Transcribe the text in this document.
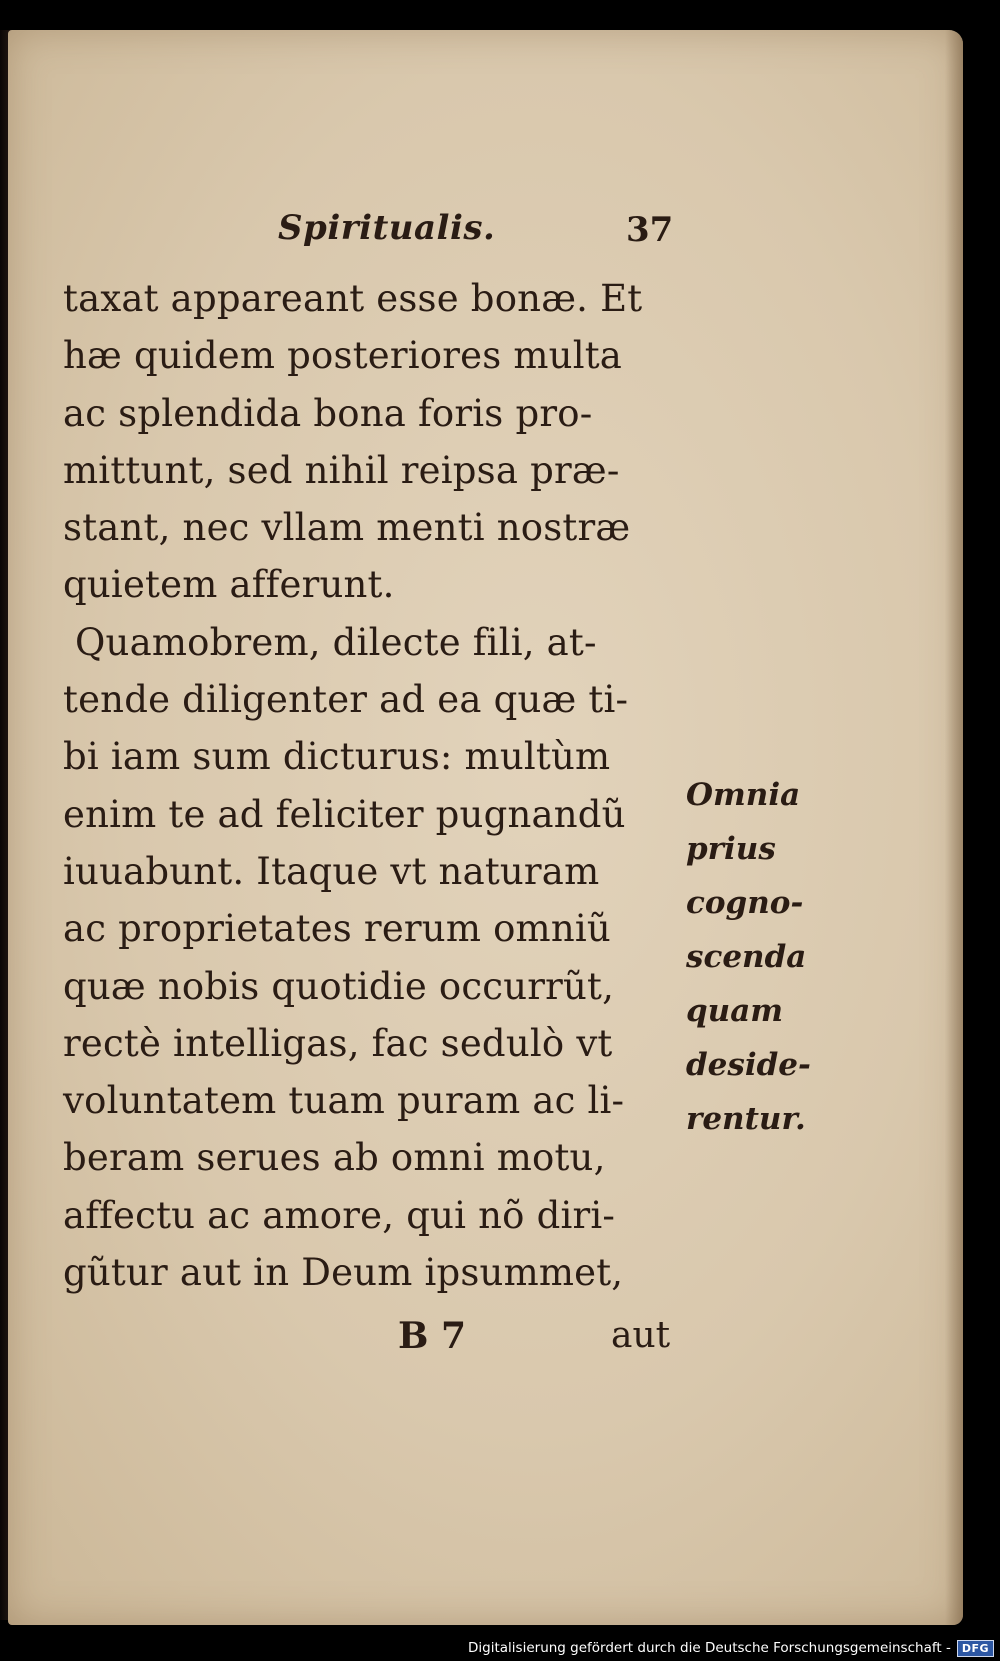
Spiritualis.	37
taxat appareant esse bonæ. Et
hæ quidem posteriores multa
ac splendida bona foris pro-
mittunt, sed nihil reipsa præ-
stant, nec vllam menti nostræ
quietem afferunt.
Quamobrem, dilecte fili, at-
tende diligenter ad ea quæ ti-
bi iam sum dicturus: multùm
enim te ad feliciter pugnandũ
iuuabunt. Itaque vt naturam
ac proprietates rerum omniũ
quæ nobis quotidie occurrũt,
rectè intelligas, fac sedulò vt
voluntatem tuam puram ac li-
beram serues ab omni motu,
affectu ac amore, qui nõ diri-
gũtur aut in Deum ipsummet,
Omnia
prius
cogno-
scenda
quam
deside-
rentur.
B 7	aut
Digitalisierung gefördert durch die Deutsche Forschungsgemeinschaft -	DFG
